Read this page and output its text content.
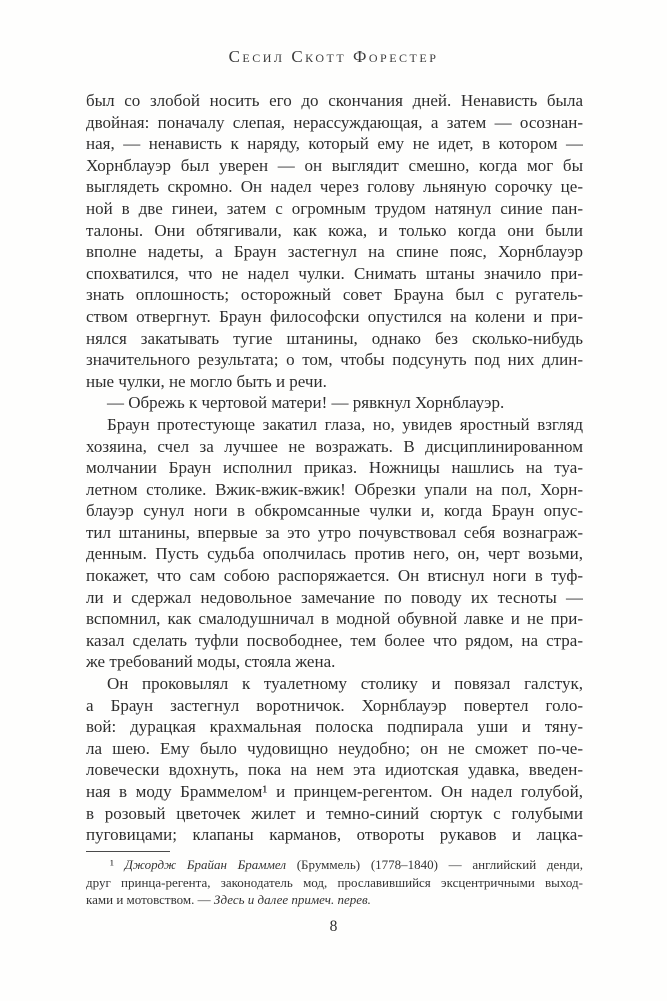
Сесил Скотт Форестер
был со злобой носить его до скончания дней. Ненависть была
двойная: поначалу слепая, нерассуждающая, а затем — осознан-
ная, — ненависть к наряду, который ему не идет, в котором —
Хорнблауэр был уверен — он выглядит смешно, когда мог бы
выглядеть скромно. Он надел через голову льняную сорочку це-
ной в две гинеи, затем с огромным трудом натянул синие пан-
талоны. Они обтягивали, как кожа, и только когда они были
вполне надеты, а Браун застегнул на спине пояс, Хорнблауэр
спохватился, что не надел чулки. Снимать штаны значило при-
знать оплошность; осторожный совет Брауна был с ругатель-
ством отвергнут. Браун философски опустился на колени и при-
нялся закатывать тугие штанины, однако без сколько-нибудь
значительного результата; о том, чтобы подсунуть под них длин-
ные чулки, не могло быть и речи.
— Обрежь к чертовой матери! — рявкнул Хорнблауэр.
Браун протестующе закатил глаза, но, увидев яростный взгляд
хозяина, счел за лучшее не возражать. В дисциплинированном
молчании Браун исполнил приказ. Ножницы нашлись на туа-
летном столике. Вжик-вжик-вжик! Обрезки упали на пол, Хорн-
блауэр сунул ноги в обкромсанные чулки и, когда Браун опус-
тил штанины, впервые за это утро почувствовал себя вознаграж-
денным. Пусть судьба ополчилась против него, он, черт возьми,
покажет, что сам собою распоряжается. Он втиснул ноги в туф-
ли и сдержал недовольное замечание по поводу их тесноты —
вспомнил, как смалодушничал в модной обувной лавке и не при-
казал сделать туфли посвободнее, тем более что рядом, на стра-
же требований моды, стояла жена.
Он проковылял к туалетному столику и повязал галстук,
а Браун застегнул воротничок. Хорнблауэр повертел голо-
вой: дурацкая крахмальная полоска подпирала уши и тяну-
ла шею. Ему было чудовищно неудобно; он не сможет по-че-
ловечески вдохнуть, пока на нем эта идиотская удавка, введен-
ная в моду Браммелом¹ и принцем-регентом. Он надел голубой,
в розовый цветочек жилет и темно-синий сюртук с голубыми
пуговицами; клапаны карманов, отвороты рукавов и лацка-
¹ Джордж Брайан Браммел (Бруммель) (1778–1840) — английский денди,
друг принца-регента, законодатель мод, прославившийся эксцентричными выход-
ками и мотовством. — Здесь и далее примеч. перев.
8
